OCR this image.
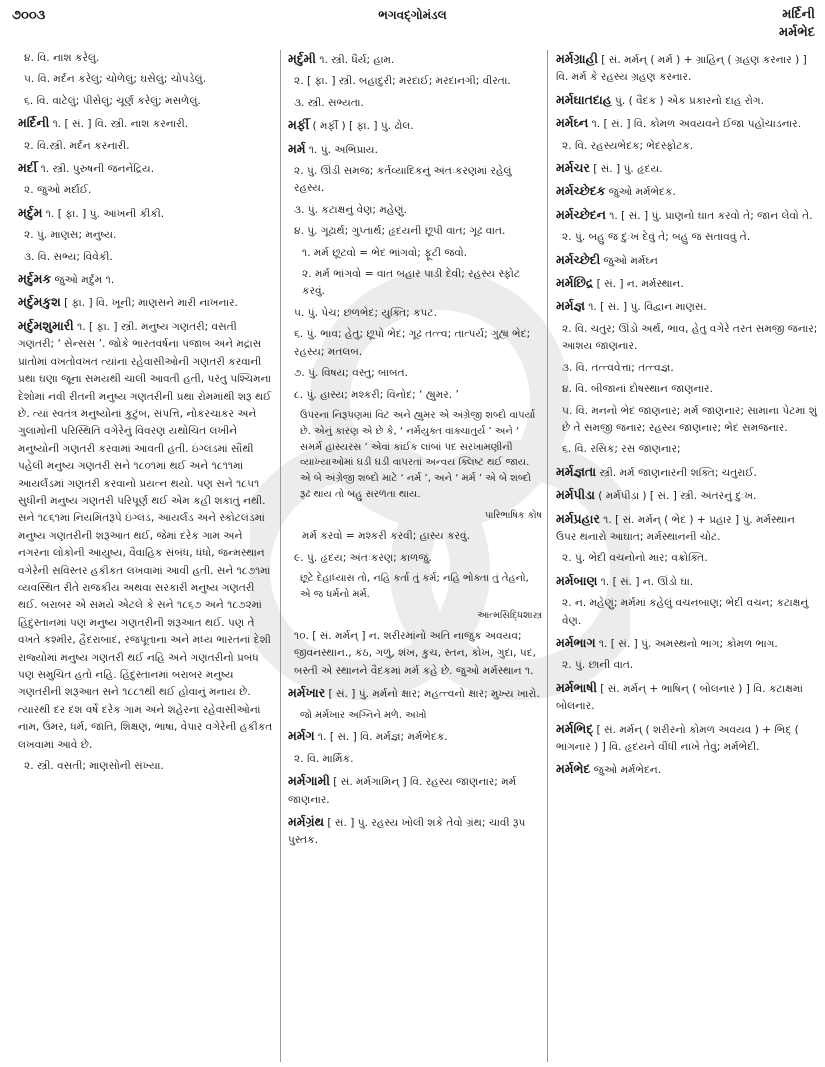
૭૦૦૩	ભગવદ્‍ગોમંડલ	મર્દિની
મર્મભેદ
૪. વિ. નાશ કરેલું.
૫. વિ. મર્દન કરેલું; ચોળેલું; ઘસેલું; ચોપડેલું.
૬. વિ. વાટેલું; પીસેલું; ચૂર્ણ કરેલું; મસળેલું.
મર્દિની ૧. [ સં. ] વિ. સ્ત્રી. નાશ કરનારી.
૨. વિ.સ્ત્રી. મર્દન કરનારી.
મર્દી ૧. સ્ત્રી. પુરુષની જનનેંદ્રિય.
૨. જુઓ મર્દાઈ.
મર્દુમ ૧. [ ફા. ] પું. આંખની કીકી.
૨. પું. માણસ; મનુષ્ય.
૩. વિ. સભ્ય; વિવેકી.
મર્દુમક જુઓ મર્દુમ ૧.
મર્દુમકુશ [ ફા. ] વિ. ખૂની; માણસને મારી નાખનાર.
મર્દુમશુમારી ૧. [ ફા. ] સ્ત્રી. મનુષ્ય ગણતરી; વસતી ગણતરી; ‘ સેન્સસ ’. જોકે ભારતવર્ષના પંજાબ અને મદ્રાસ પ્રાંતોમાં વખતોવખત ત્યાંના રહેવાસીઓની ગણતરી કરવાની પ્રથા ઘણા જૂના સમયથી ચાલી આવતી હતી, પરંતુ પશ્ચિમના દેશોમાં નવી રીતની મનુષ્ય ગણતરીની પ્રથા રોમમાંથી શરૂ થઈ છે. ત્યાં સ્વતંત્ર મનુષ્યોનાં કુટુંબ, સંપત્તિ, નોકરચાકર અને ગુલામોની પરિસ્થિતિ વગેરેનું વિવરણ યથોચિત લખીને મનુષ્યોની ગણતરી કરવામાં આવતી હતી. ઇંગ્લંડમાં સૌથી પહેલી મનુષ્ય ગણતરી સને ૧૮૦૧માં થઈ અને ૧૮૧૧માં આયર્લંડમાં ગણતરી કરવાનો પ્રયત્ન થયો. પણ સને ૧૮૫૧ સુધીની મનુષ્ય ગણતરી પરિપૂર્ણ થઈ એમ કહી શકાતું નથી. સને ૧૮૬૧માં નિયમિતરૂપે ઇંગ્લંડ, આયર્લંડ અને સ્કોટલંડમાં મનુષ્ય ગણતરીની શરૂઆત થઈ, જેમાં દરેક ગામ અને નગરના લોકોની આયુષ્ય, વૈવાહિક સંબંધ, ધંધો, જન્મસ્થાન વગેરેની સવિસ્તર હકીકત લખવામાં આવી હતી. સને ૧૮૭૧માં વ્યવસ્થિત રીતે રાજકીય અથવા સરકારી મનુષ્ય ગણતરી થઈ. બરાબર એ સમયે એટલે કે સને ૧૮૬૭ અને ૧૮૭૨માં હિંદુસ્તાનમાં પણ મનુષ્ય ગણતરીની શરૂઆત થઈ. પણ તે વખતે કશ્મીર, હૈદરાબાદ, રજપૂતાના અને મધ્ય ભારતનાં દેશી રાજ્યોમાં મનુષ્ય ગણતરી થઈ નહિ અને ગણતરીનો પ્રબંધ પણ સમુચિત હતો નહિ. હિંદુસ્તાનમાં બરાબર મનુષ્ય ગણતરીની શરૂઆત સને ૧૮૮૧થી થઈ હોવાનું મનાય છે. ત્યારથી દર દશ વર્ષે દરેક ગામ અને શહેરના રહેવાસીઓનાં નામ, ઉંમર, ધર્મ, જાતિ, શિક્ષણ, ભાષા, વેપાર વગેરેની હકીકત લખવામાં આવે છે.
૨. સ્ત્રી. વસતી; માણસોની સંખ્યા.
મર્દુમી ૧. સ્ત્રી. ધૈર્ય; હામ.
૨. [ ફા. ] સ્ત્રી. બહાદુરી; મરદાઈ; મરદાનગી; વીરતા.
૩. સ્ત્રી. સભ્યતા.
મર્ફી ( મર્ફી ) [ ફા. ] પું. ઢોલ.
મર્મ ૧. પું. અભિપ્રાય.
૨. પું. ઊંડી સમજ; કર્તવ્યાદિકનું અંતઃકરણમાં રહેલું રહસ્ય.
૩. પું. કટાક્ષનું વેણ; મહેણું.
૪. પું. ગૂઢાર્થ; ગુપ્તાર્થ; હૃદયની છૂપી વાત; ગૂઢ વાત.
૧. મર્મ છૂટવો = ભેદ ભાંગવો; ફૂટી જવો.
૨. મર્મ ભાંગવો = વાત બહાર પાડી દેવી; રહસ્ય સ્ફોટ કરવું.
૫. પું. પેચ; છળભેદ; યુક્તિ; કપટ.
૬. પું. ભાવ; હેતુ; છૂપો ભેદ; ગૂઢ તત્ત્વ; તાત્પર્ય; ગુહ્ય ભેદ; રહસ્ય; મતલબ.
૭. પું. વિષય; વસ્તુ; બાબત.
૮. પું. હાસ્ય; મશ્કરી; વિનોદ; ‘ હ્યુમર. ’
ઉપરના નિરૂપણમાં વિટ અને હ્યુમર એ અંગ્રેજી શબ્દો વાપર્યા છે. એનું કારણ એ છે કે, ‘ નર્મયુક્ત વાક્‍ચાતુર્ય ’ અને ‘ સમર્મ હાસ્યરસ ’ એવાં કાંઈક લાંબાં પદ સરખામણીની વ્યાખ્યાઓમાં ઘડી ઘડી વાપરતાં અન્વય ક્લિષ્ટ થઈ જાય. એ બે અંગ્રેજી શબ્દો માટે ‘ નર્મ ’, અને ‘ મર્મ ’ એ બે શબ્દો રૂઢ થાય તો બહુ સરળતા થાય.
પારિભાષિક કોષ
મર્મ કરવો = મશ્કરી કરવી; હાસ્ય કરવું.
૯. પું. હૃદય; અંતઃકરણ; કાળજું.
છૂટે દેહાધ્યાસ તો, નહિ કર્તા તું કર્મ; નહિ ભોક્તા તું તેહનો, એ જ ધર્મનો મર્મ.
આત્મસિદ્ધિશાસ્ત્ર
૧૦. [ સં. મર્મન્ ] ન. શરીરમાંનો અતિ નાજુક અવયવ; જીવનસ્થાન., કંઠ, ગળું, શંખ, કુચ, સ્તન, કોખ, ગુદા, પદ, બસ્તી એ સ્થાનને વૈદકમાં મર્મ કહે છે. જુઓ મર્મસ્થાન ૧.
મર્મખાર [ સં. ] પું. મર્મનો ક્ષાર; મહત્ત્વનો ક્ષાર; મુખ્ય ખારો.
જો મર્મખાર અગ્નિને મળે. અખો
મર્મગ ૧. [ સં. ] વિ. મર્મજ્ઞ; મર્મભેદક.
૨. વિ. માર્મિક.
મર્મગામી [ સં. મર્મગામિન્ ] વિ. રહસ્ય જાણનાર; મર્મ જાણનાર.
મર્મગ્રંથ [ સં. ] પું. રહસ્ય ખોલી શકે તેવો ગ્રંથ; ચાવી રૂપ પુસ્તક.
મર્મગ્રાહી [ સં. મર્મન્ ( મર્મ ) + ગ્રાહિન્ ( ગ્રહણ કરનાર ) ] વિ. મર્મ કે રહસ્ય ગ્રહણ કરનાર.
મર્મઘાતદાહ પું. ( વૈદક ) એક પ્રકારનો દાહ રોગ.
મર્મઘ્ન ૧. [ સં. ] વિ. કોમળ અવયવને ઈજા પહોંચાડનાર.
૨. વિ. રહસ્યભેદક; ભેદસ્ફોટક.
મર્મચર [ સં. ] પું. હૃદય.
મર્મચ્છેદક જુઓ મર્મભેદક.
મર્મચ્છેદન ૧. [ સં. ] પું. પ્રાણનો ઘાત કરવો તે; જાન લેવો તે.
૨. પું. બહુ જ દુઃખ દેવું તે; બહુ જ સતાવવું તે.
મર્મચ્છેદી જુઓ મર્મઘ્ન
મર્મછિદ્ર [ સં. ] ન. મર્મસ્થાન.
મર્મજ્ઞ ૧. [ સં. ] પું. વિદ્વાન માણસ.
૨. વિ. ચતુર; ઊંડો અર્થ, ભાવ, હેતુ વગેરે તરત સમજી જનાર; આશય જાણનાર.
૩. વિ. તત્ત્વવેત્તા; તત્ત્વજ્ઞ.
૪. વિ. બીજાનાં દોષસ્થાન જાણનાર.
૫. વિ. મનનો ભેદ જાણનાર; મર્મ જાણનાર; સામાના પેટમાં શું છે તે સમજી જનાર; રહસ્ય જાણનાર; ભેદ સમજનાર.
૬. વિ. રસિક; રસ જાણનાર;
મર્મજ્ઞતા સ્ત્રી. મર્મ જાણનારની શક્તિ; ચતુરાઈ.
મર્મપીડા ( મર્મપીડ઼ા ) [ સં. ] સ્ત્રી. અંતરનું દુઃખ.
મર્મપ્રહાર ૧. [ સં. મર્મન્ ( ભેદ ) + પ્રહાર ] પું. મર્મસ્થાન ઉપર થનારો આઘાત; મર્મસ્થાનની ચોટ.
૨. પું. ભેદી વચનોનો માર; વક્રોક્તિ.
મર્મબાણ ૧. [ સં. ] ન. ઊંડો ઘા.
૨. ન. મહેણું; મર્મમાં કહેલું વચનબાણ; ભેદી વચન; કટાક્ષનું વેણ.
મર્મભાગ ૧. [ સં. ] પું. અમસ્થનો ભાગ; કોમળ ભાગ.
૨. પું. છાની વાત.
મર્મભાષી [ સં. મર્મન્ + ભાષિન્ ( બોલનાર ) ] વિ. કટાક્ષમાં બોલનાર.
મર્મભિદ્ [ સં. મર્મન્ ( શરીરનો કોમળ અવયવ ) + ભિદ્ ( ભાંગનાર ) ] વિ. હૃદયને વીંધી નાખે તેવું; મર્મભેદી.
મર્મભેદ જુઓ મર્મભેદન.
